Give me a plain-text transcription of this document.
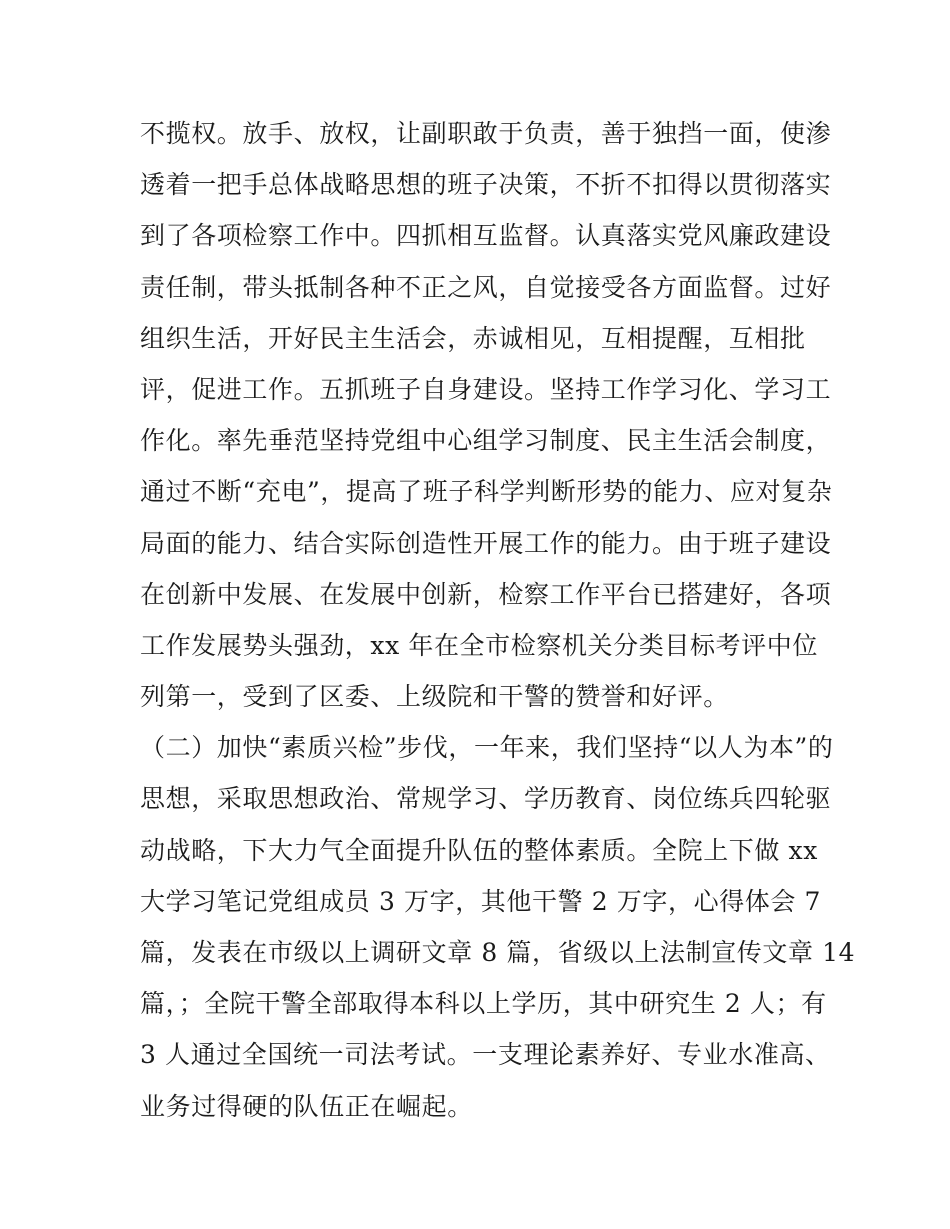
不揽权。放手、放权，让副职敢于负责，善于独挡一面，使渗
透着一把手总体战略思想的班子决策，不折不扣得以贯彻落实
到了各项检察工作中。四抓相互监督。认真落实党风廉政建设
责任制，带头抵制各种不正之风，自觉接受各方面监督。过好
组织生活，开好民主生活会，赤诚相见，互相提醒，互相批
评，促进工作。五抓班子自身建设。坚持工作学习化、学习工
作化。率先垂范坚持党组中心组学习制度、民主生活会制度，
通过不断“充电”，提高了班子科学判断形势的能力、应对复杂
局面的能力、结合实际创造性开展工作的能力。由于班子建设
在创新中发展、在发展中创新，检察工作平台已搭建好，各项
工作发展势头强劲，xx 年在全市检察机关分类目标考评中位
列第一，受到了区委、上级院和干警的赞誉和好评。
（二）加快“素质兴检”步伐，一年来，我们坚持“以人为本”的
思想，采取思想政治、常规学习、学历教育、岗位练兵四轮驱
动战略，下大力气全面提升队伍的整体素质。全院上下做 xx
大学习笔记党组成员 3 万字，其他干警 2 万字，心得体会 7
篇，发表在市级以上调研文章 8 篇，省级以上法制宣传文章 14
篇，；全院干警全部取得本科以上学历，其中研究生 2 人；有
3 人通过全国统一司法考试。一支理论素养好、专业水准高、
业务过得硬的队伍正在崛起。
